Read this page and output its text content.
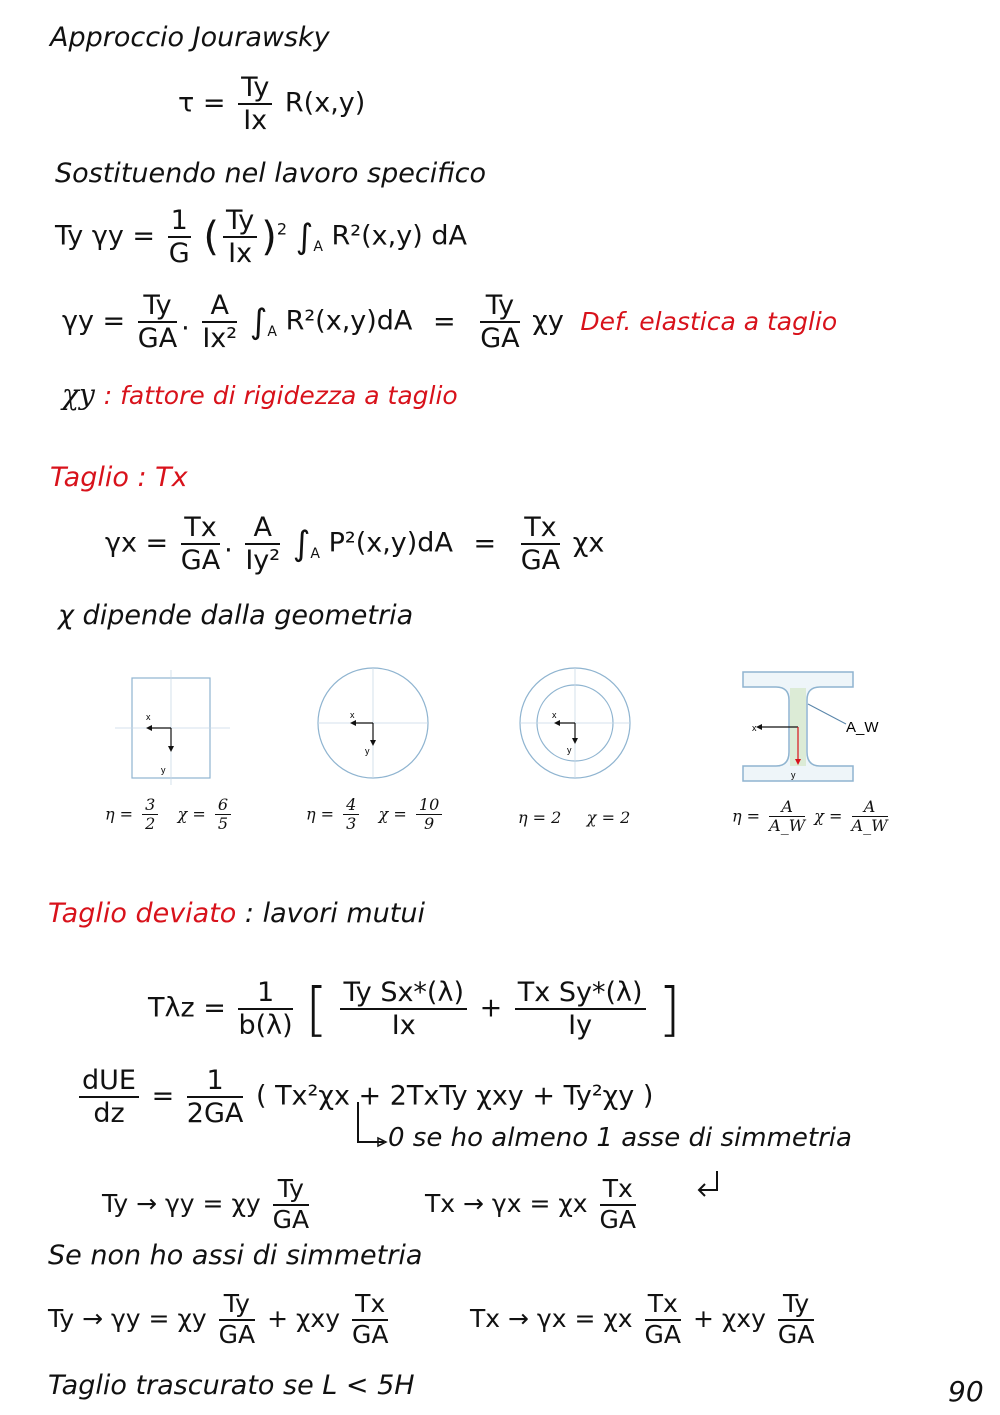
Approccio Jourawsky
$\tau = \frac{Ty}{Ix} R(x,y)$
Sostituendo nel lavoro specifico
Ty $\gamma y = \frac{1}{G}$ ( $\frac{Ty}{Ix} )^2$ $\int_A$ R²(x,y) dA
$\gamma y = \frac{Ty}{GA}$ . $\frac{A}{\text{Ix²}} \int_A$ $R^2(x,y)dA = \frac{Ty}{GA}$ χy Def. elastica a taglio
χy : fattore di rigidezza a taglio
Taglio : Tx
$\gamma x = \frac{Tx}{GA}$ . $\frac{A}{\text{Iy²}} \int_A$ $P^2(x,y)dA = \frac{Tx}{GA}$ χx
χ dipende dalla geometria
x
y
x
y
x
y
A_W
x
y
$\eta = \frac{3}{2}$ $\chi = \frac{6}{5}$	$\eta = \frac{4}{3}$ $\chi = \frac{10}{9}$	η = 2     χ = 2	$\eta = \frac{A}{A\_W}$ $\chi = \frac{A}{A\_W}$
Taglio deviato : lavori mutui
$T\lambda z = \frac{1}{b(\lambda)}$ [ $\frac{\text{Ty Sx*(λ)}}{Ix} + \frac{\text{Tx Sy*(λ)}}{Iy}$ ]
$\frac{\text{dUE}}{dz} = \frac{1}{2GA}$ ( Tx²χx + 2TxTy χxy + Ty²χy )
0 se ho almeno 1 asse di simmetria
Ty → γy = χy $\frac{Ty}{GA}$	Tx → γx = χx $\frac{Tx}{GA}$
Se non ho assi di simmetria
Ty → γy = χy $\frac{Ty}{GA} + \chi xy \frac{Tx}{GA}$	Tx → γx = χx $\frac{Tx}{GA} + \chi xy \frac{Ty}{GA}$
Taglio trascurato se L < 5H	90
